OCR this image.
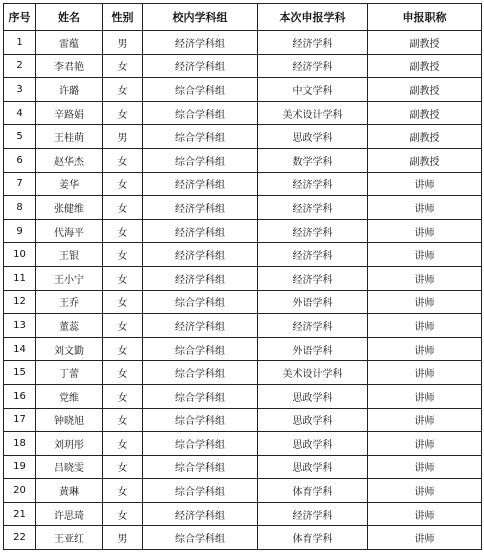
序号	姓名	性别	校内学科组	本次申报学科	申报职称
1	雷蕴	男	经济学科组	经济学科	副教授
2	李君艳	女	经济学科组	经济学科	副教授
3	许璐	女	综合学科组	中文学科	副教授
4	辛路娟	女	综合学科组	美术设计学科	副教授
5	王桂萌	男	综合学科组	思政学科	副教授
6	赵华杰	女	综合学科组	数学学科	副教授
7	姜华	女	经济学科组	经济学科	讲师
8	张健维	女	经济学科组	经济学科	讲师
9	代海平	女	经济学科组	经济学科	讲师
10	王银	女	经济学科组	经济学科	讲师
11	王小宁	女	经济学科组	经济学科	讲师
12	王乔	女	综合学科组	外语学科	讲师
13	董蕊	女	经济学科组	经济学科	讲师
14	刘文勤	女	综合学科组	外语学科	讲师
15	丁蕾	女	综合学科组	美术设计学科	讲师
16	党维	女	综合学科组	思政学科	讲师
17	钟晓旭	女	综合学科组	思政学科	讲师
18	刘玥彤	女	综合学科组	思政学科	讲师
19	吕晓雯	女	综合学科组	思政学科	讲师
20	黄琳	女	综合学科组	体育学科	讲师
21	许思琦	女	经济学科组	经济学科	讲师
22	王亚红	男	综合学科组	体育学科	讲师
